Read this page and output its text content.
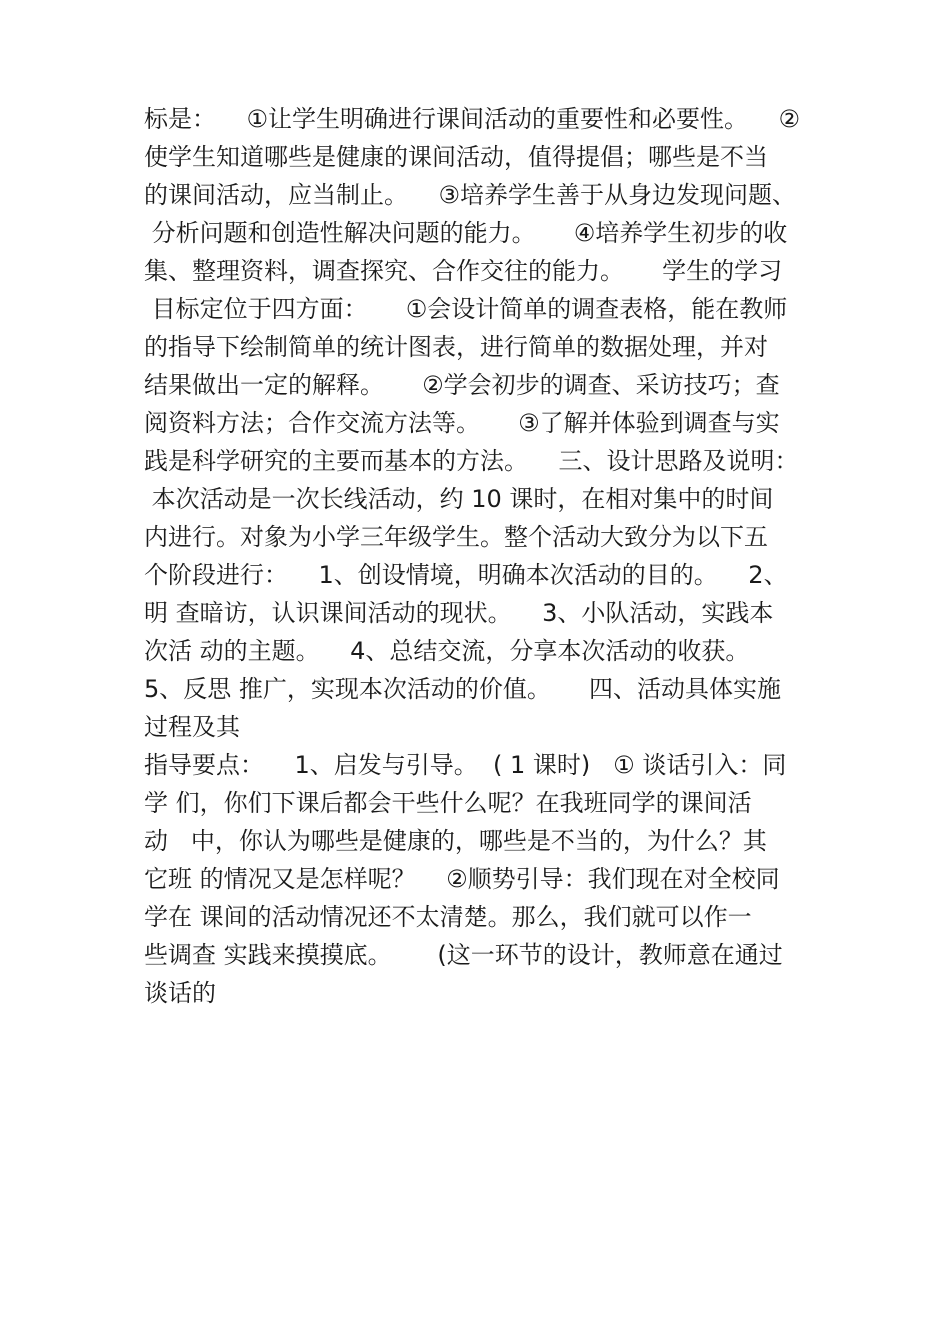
标是：    ①让学生明确进行课间活动的重要性和必要性。    ②
使学生知道哪些是健康的课间活动，值得提倡；哪些是不当
的课间活动，应当制止。    ③培养学生善于从身边发现问题、
分析问题和创造性解决问题的能力。     ④培养学生初步的收
集、整理资料，调查探究、合作交往的能力。     学生的学习
目标定位于四方面：     ①会设计简单的调查表格，能在教师
的指导下绘制简单的统计图表，进行简单的数据处理，并对
结果做出一定的解释。     ②学会初步的调查、采访技巧；查
阅资料方法；合作交流方法等。     ③了解并体验到调查与实
践是科学研究的主要而基本的方法。    三、设计思路及说明：
本次活动是一次长线活动，约 10 课时，在相对集中的时间
内进行。对象为小学三年级学生。整个活动大致分为以下五
个阶段进行：    1、创设情境，明确本次活动的目的。    2、
明 查暗访，认识课间活动的现状。    3、小队活动，实践本
次活 动的主题。    4、总结交流，分享本次活动的收获。
5、反思 推广，实现本次活动的价值。     四、活动具体实施
过程及其
指导要点：    1、启发与引导。  ( 1 课时)   ① 谈话引入：同
学 们，你们下课后都会干些什么呢？在我班同学的课间活
动   中，你认为哪些是健康的，哪些是不当的，为什么？其
它班 的情况又是怎样呢？    ②顺势引导：我们现在对全校同
学在 课间的活动情况还不太清楚。那么，我们就可以作一
些调查 实践来摸摸底。      (这一环节的设计，教师意在通过
谈话的
